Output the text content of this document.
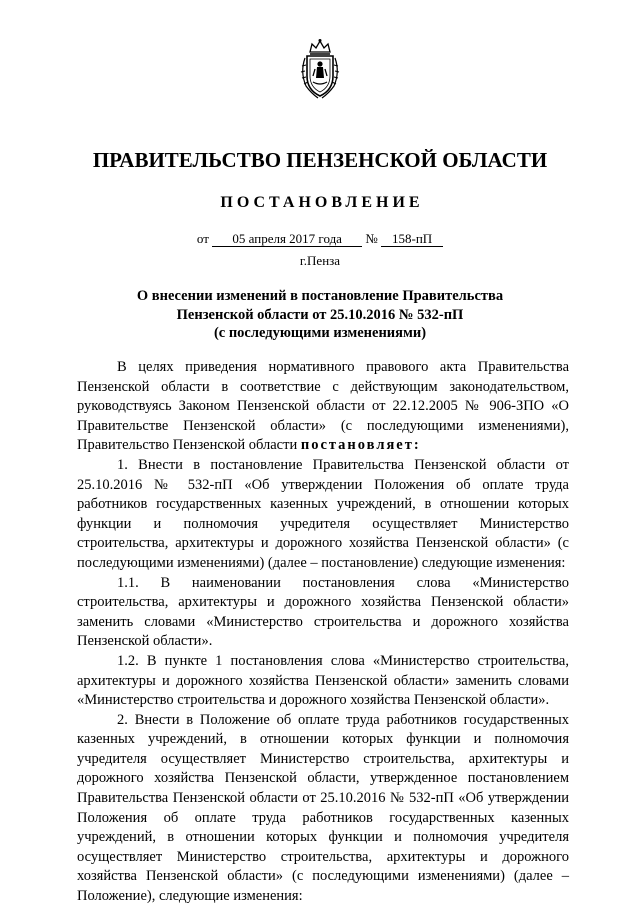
ПРАВИТЕЛЬСТВО ПЕНЗЕНСКОЙ ОБЛАСТИ
ПОСТАНОВЛЕНИЕ
от 05 апреля 2017 года № 158-пП
г.Пенза
О внесении изменений в постановление Правительства
Пензенской области от 25.10.2016 № 532-пП
(с последующими изменениями)

В целях приведения нормативного правового акта Правительства Пензенской области в соответствие с действующим законодательством, руководствуясь Законом Пензенской области от 22.12.2005 № 906-ЗПО «О Правительстве Пензенской области» (с последующими изменениями), Правительство Пензенской области постановляет:

1. Внести в постановление Правительства Пензенской области от 25.10.2016 № 532-пП «Об утверждении Положения об оплате труда работников государственных казенных учреждений, в отношении которых функции и полномочия учредителя осуществляет Министерство строительства, архитектуры и дорожного хозяйства Пензенской области» (с последующими изменениями) (далее – постановление) следующие изменения:

1.1. В наименовании постановления слова «Министерство строительства, архитектуры и дорожного хозяйства Пензенской области» заменить словами «Министерство строительства и дорожного хозяйства Пензенской области».

1.2. В пункте 1 постановления слова «Министерство строительства, архитектуры и дорожного хозяйства Пензенской области» заменить словами «Министерство строительства и дорожного хозяйства Пензенской области».

2. Внести в Положение об оплате труда работников государственных казенных учреждений, в отношении которых функции и полномочия учредителя осуществляет Министерство строительства, архитектуры и дорожного хозяйства Пензенской области, утвержденное постановлением Правительства Пензенской области от 25.10.2016 № 532-пП «Об утверждении Положения об оплате труда работников государственных казенных учреждений, в отношении которых функции и полномочия учредителя осуществляет Министерство строительства, архитектуры и дорожного хозяйства Пензенской области» (с последующими изменениями) (далее – Положение), следующие изменения:
